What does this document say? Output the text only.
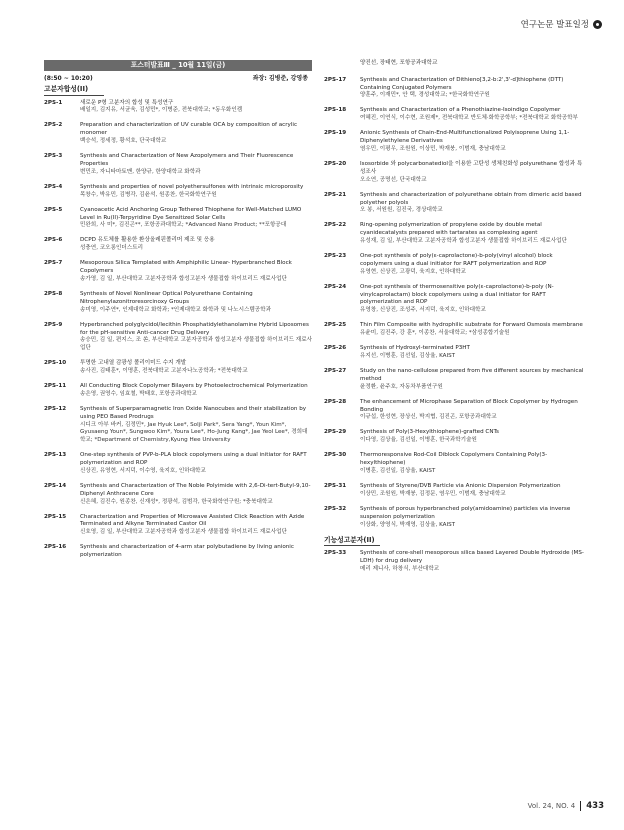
연구논문 발표일정
포스터발표Ⅲ _ 10월 11일(금)
(8:50 ~ 10:20)	좌장: 김병준, 강영종
고분자합성(II)
2PS-1	새로운 P형 고분자의 합성 및 특성연구
배일지, 김지유, 서균욱, 김성민*, 이병준, 전북대학교; *동우화인켐
2PS-2	Preparation and characterization of UV curable OCA by composition of acrylic monomer
백승석, 정세정, 황석호, 단국대학교
2PS-3	Synthesis and Characterization of New Azopolymers and Their Fluorescence Properties
변민조, 자니타마토맨, 한양규, 한양대학교 화학과
2PS-4	Synthesis and properties of novel polyethersulfones with intrinsic microporosity
목창수, 박유민, 김병각, 김윤석, 원종찬, 한국화학연구원
2PS-5	Cyanoacetic Acid Anchoring Group Tethered Thiophene for Well-Matched LUMO Level in Ru(II)-Terpyridine Dye Sensitized Solar Cells
민완희, 사 미*, 김진곤**, 포항공과대학교; *Advanced Nano Product; **포항공대
2PS-6	DCPD 유도체를 활용한 환상올레핀폴리머 제조 및 응용
성충연, 코오롱인더스트리
2PS-7	Mesoporous Silica Templated with Amphiphilic Linear- Hyperbranched Block Copolymers
송가영, 김 일, 부산대학교 고분자공학과 합성고분자 생물접합 하이브리드 재료사업단
2PS-8	Synthesis of Novel Nonlinear Optical Polyurethane Containing Nitrophenylazonitroresorcinoxy Groups
송미영, 이주연*, 인제대학교 화학과; *인제대학교 화학과 및 나노시스템공학과
2PS-9	Hyperbranched polyglycidol/lecithin Phosphatidylethanolamine Hybrid Liposomes for the pH-sensitive Anti-cancer Drug Delivery
송승민, 김 일, 편지스, 조 쏜, 부산대학교 고분자공학과 합성고분자 생물접합 하이브리드 재료사업단
2PS-10	투명한 고내열 감광성 폴리이미드 수지 개발
송사진, 김태훈*, 이명훈, 전북대학교 고분자나노공학과; *전북대학교
2PS-11	All Conducting Block Copolymer Bilayers by Photoelectrochemical Polymerization
송은영, 권영수, 임효철, 박태호, 포항공과대학교
2PS-12	Synthesis of Superparamagnetic Iron Oxide Nanocubes and their stabilization by using PEO Based Prodrugs
시디크 아부 바커, 김정민*, Jae Hyuk Lee*, Solji Park*, Sera Yang*, Youn Kim*, Gyusaeng Youn*, Sungwoo Kim*, Youra Lee*, Ho-Jung Kang*, Jae Yeol Lee*, 경희대학교; *Department of Chemistry,Kyung Hee University
2PS-13	One-step synthesis of PVP-b-PLA block copolymers using a dual initiator for RAFT polymerization and ROP
신상진, 유영현, 서지덕, 이수영, 육지호, 인하대학교
2PS-14	Synthesis and Characterization of The Noble Polyimide with 2,6-Di-tert-Butyl-9,10-Diphenyl Anthracene Core
신은혜, 김진수, 원종찬, 신재성*, 정광석, 김범각, 한국화학연구원; *충북대학교
2PS-15	Characterization and Properties of Microwave Assisted Click Reaction with Azide Terminated and Alkyne Terminated Castor Oil
신호영, 김 일, 부산대학교 고분자공학과 합성고분자 생물접합 하이브리드 재료사업단
2PS-16	Synthesis and characterization of 4-arm star polybutadiene by living anionic polymerization
양진선, 장태현, 포항공과대학교
2PS-17	Synthesis and Characterization of Dithieno[3,2-b:2',3'-d]thiophene (DTT) Containing Conjugated Polymers
양훈주, 이재민*, 안 택, 경성대학교; *한국화학연구원
2PS-18	Synthesis and Characterization of a Phenothiazine-Isoindigo Copolymer
여혜진, 이연식, 이수현, 조원제*, 전북대학교 반도체·화학공학부; *전북대학교 화학공학부
2PS-19	Anionic Synthesis of Chain-End-Multifunctionalized Polyisoprene Using 1,1-Diphenylethylene Derivatives
염우민, 이평우, 조원원, 이상민, 박재붕, 이범재, 충남대학교
2PS-20	Isosorbide 와 polycarbonatediol을 이용한 고탄성 생체친화성 polyurethane 합성과 특성조사
오소연, 공명선, 단국대학교
2PS-21	Synthesis and characterization of polyurethane obtain from dimeric acid based polyether polyols
오 봉, 서원원, 김진국, 경상대학교
2PS-22	Ring-opening polymerization of propylene oxide by double metal cyanidecatalysts prepared with tartarates as complexing agent
유성재, 김 일, 부산대학교 고분자공학과 합성고분자 생물접합 하이브리드 재료사업단
2PS-23	One-pot synthesis of poly(ε-caprolactone)-b-poly(vinyl alcohol) block copolymers using a dual initiator for RAFT polymerization and ROP
유영현, 신상진, 고광덕, 육지호, 인하대학교
2PS-24	One-pot synthesis of thermosensitive poly(ε-caprolactone)-b-poly (N-vinylcaprolactam) block copolymers using a dual initiator for RAFT polymerization and ROP
유영창, 신상진, 조성주, 서지덕, 육지호, 인하대학교
2PS-25	Thin Film Composite with hydrophilic substrate for Forward Osmosis membrane
유윤미, 김진주, 강 훈*, 이종찬, 서울대학교; *삼성종합기술원
2PS-26	Synthesis of Hydroxyl-terminated P3HT
유지선, 이병훈, 김선일, 김상율, KAIST
2PS-27	Study on the nano-cellulose prepared from five different sources by mechanical method
윤정환, 윤주호, 자동차부품연구원
2PS-28	The enhancement of Microphase Separation of Block Copolymer by Hydrogen Bonding
이규섭, 한성현, 장상신, 박지협, 김진곤, 포항공과대학교
2PS-29	Synthesis of Poly(3-Hexylthiophene)-grafted CNTs
이다영, 김상율, 김선일, 이병훈, 한국과학기술원
2PS-30	Thermoresponsive Rod-Coil Diblock Copolymers Containing Poly(3-hexylthiophene)
이병훈, 김선일, 김상율, KAIST
2PS-31	Synthesis of Styrene/DVB Particle via Anionic Dispersion Polymerization
이상민, 조원원, 박재붕, 김정문, 염우민, 이범재, 충남대학교
2PS-32	Synthesis of porous hyperbranched poly(amidoamine) particles via inverse suspension polymerization
이상화, 양영식, 박재영, 김상율, KAIST
기능성고분자(II)
2PS-33	Synthesis of core-shell mesoporous silica based Layered Double Hydroxide (MS-LDH) for drug delivery
메리 제니사, 하창식, 부산대학교
Vol. 24, NO. 4 433
